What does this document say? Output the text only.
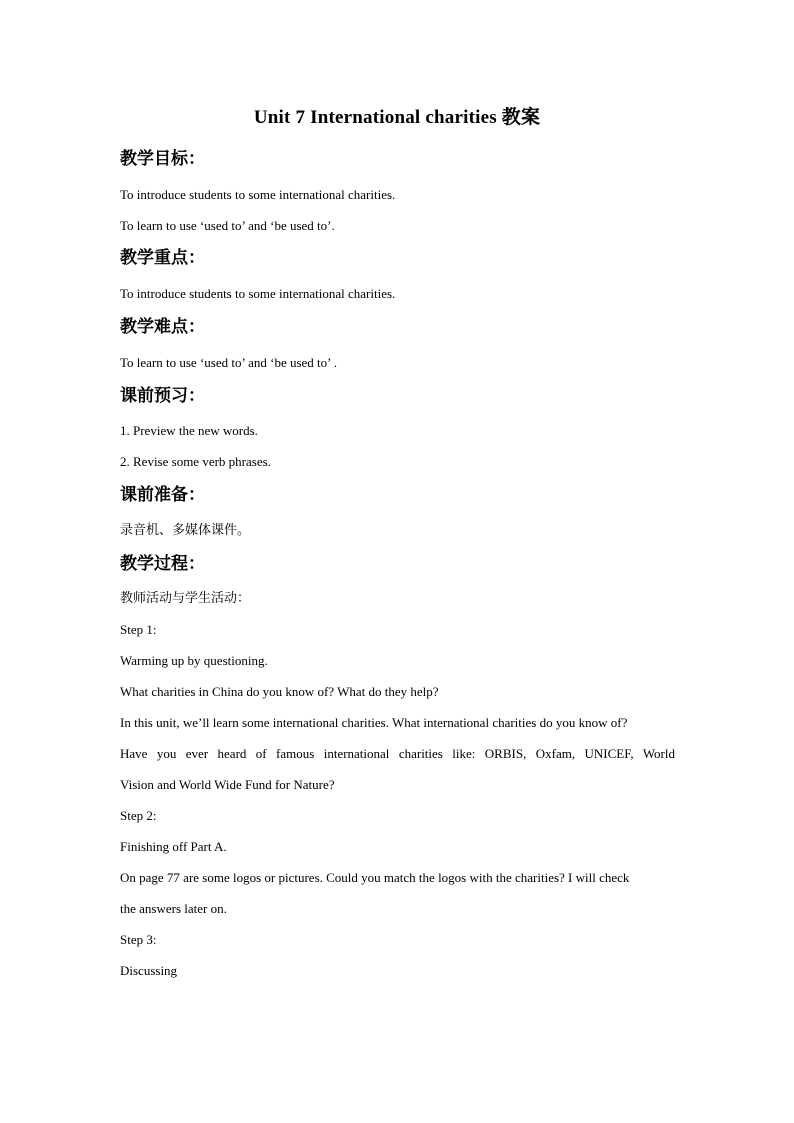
Unit 7 International charities 教案
教学目标：
To introduce students to some international charities.
To learn to use ‘used to’ and ‘be used to’.
教学重点：
To introduce students to some international charities.
教学难点：
To learn to use ‘used to’ and ‘be used to’ .
课前预习：
1. Preview the new words.
2. Revise some verb phrases.
课前准备：
录音机、多媒体课件。
教学过程：
教师活动与学生活动：
Step 1:
Warming up by questioning.
What charities in China do you know of? What do they help?
In this unit, we’ll learn some international charities. What international charities do you know of?
Have you ever heard of famous international charities like: ORBIS, Oxfam, UNICEF, World
Vision and World Wide Fund for Nature?
Step 2:
Finishing off Part A.
On page 77 are some logos or pictures. Could you match the logos with the charities? I will check
the answers later on.
Step 3:
Discussing
